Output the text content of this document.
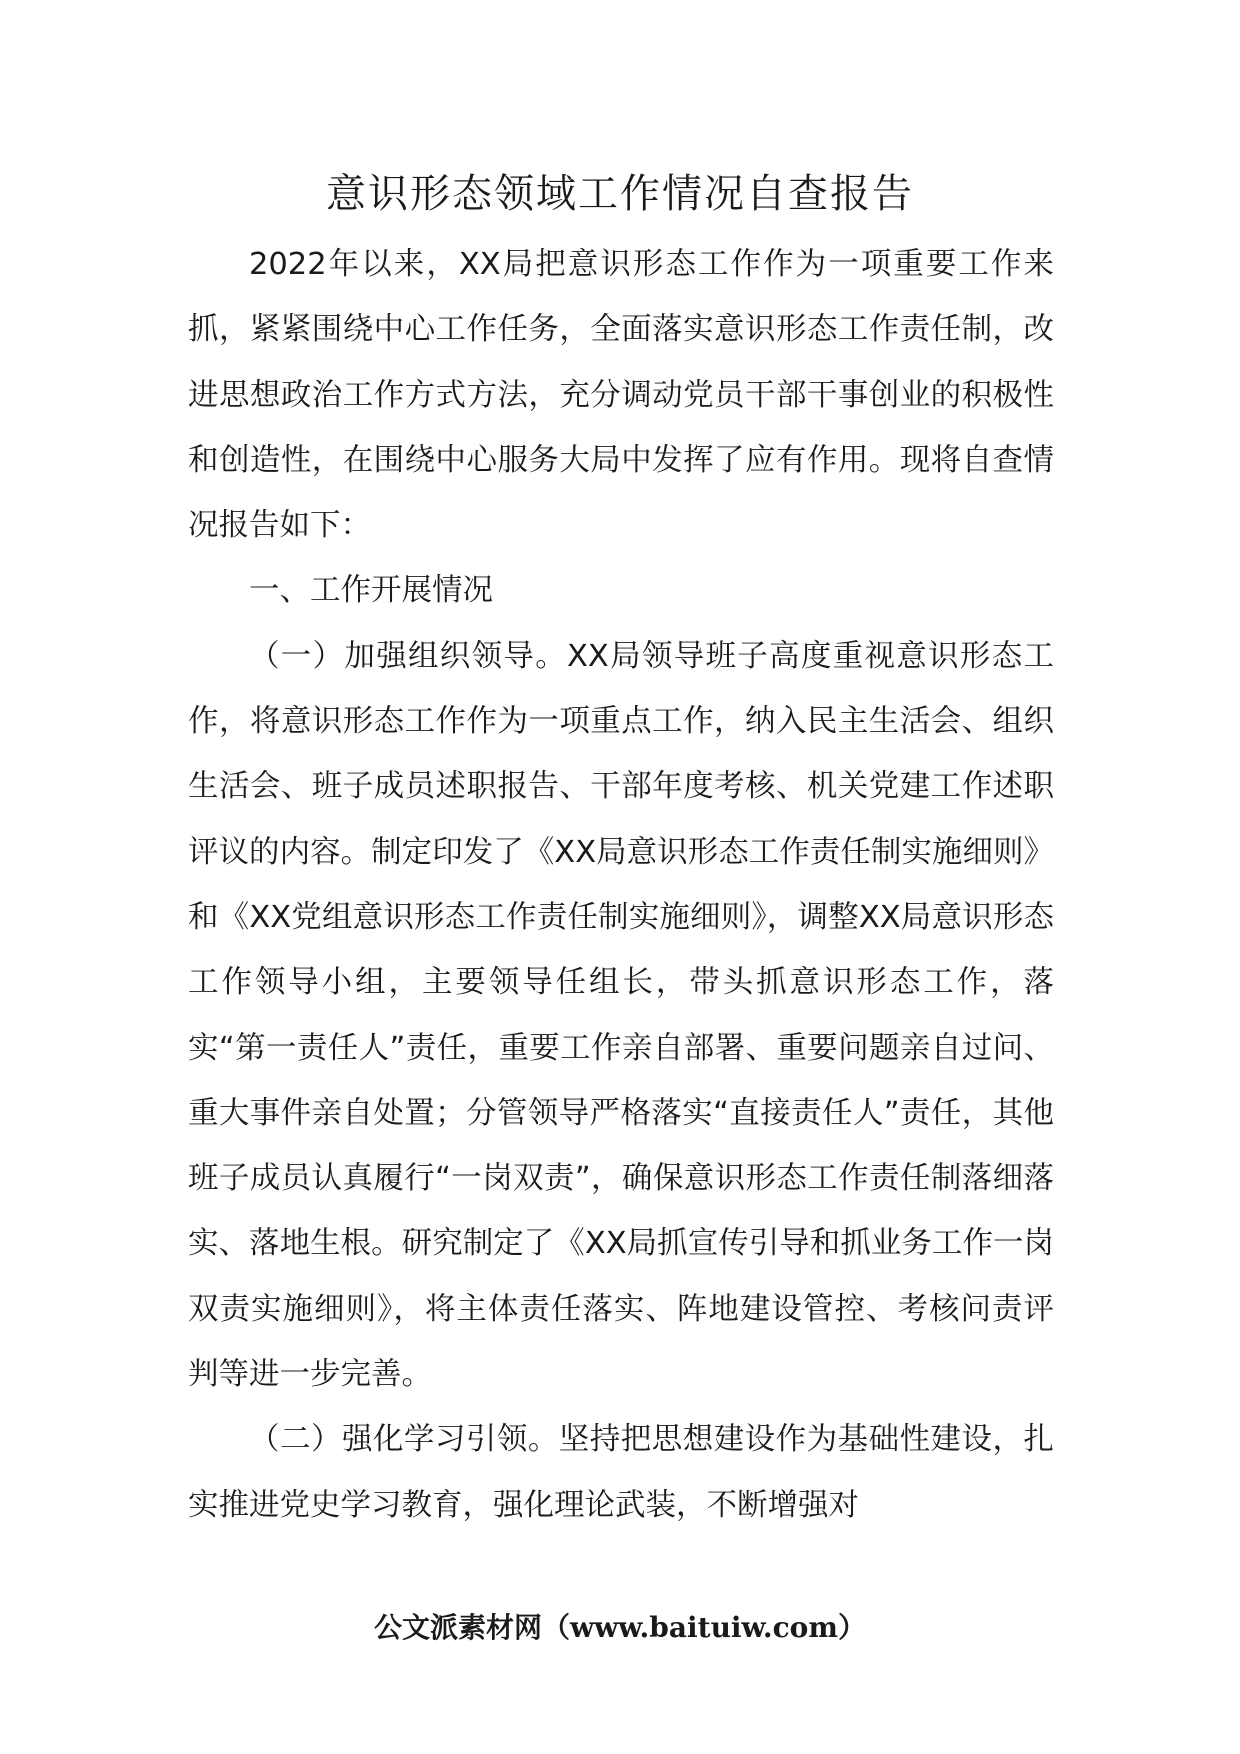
意识形态领域工作情况自查报告

2022年以来，XX局把意识形态工作作为一项重要工作来抓，紧紧围绕中心工作任务，全面落实意识形态工作责任制，改进思想政治工作方式方法，充分调动党员干部干事创业的积极性和创造性，在围绕中心服务大局中发挥了应有作用。现将自查情况报告如下：

一、工作开展情况

（一）加强组织领导。XX局领导班子高度重视意识形态工作，将意识形态工作作为一项重点工作，纳入民主生活会、组织生活会、班子成员述职报告、干部年度考核、机关党建工作述职评议的内容。制定印发了《XX局意识形态工作责任制实施细则》和《XX党组意识形态工作责任制实施细则》，调整XX局意识形态工作领导小组，主要领导任组长，带头抓意识形态工作，落实“第一责任人”责任，重要工作亲自部署、重要问题亲自过问、重大事件亲自处置；分管领导严格落实“直接责任人”责任，其他班子成员认真履行“一岗双责”，确保意识形态工作责任制落细落实、落地生根。研究制定了《XX局抓宣传引导和抓业务工作一岗双责实施细则》，将主体责任落实、阵地建设管控、考核问责评判等进一步完善。

（二）强化学习引领。坚持把思想建设作为基础性建设，扎实推进党史学习教育，强化理论武装，不断增强对

公文派素材网（www.baituiw.com）
